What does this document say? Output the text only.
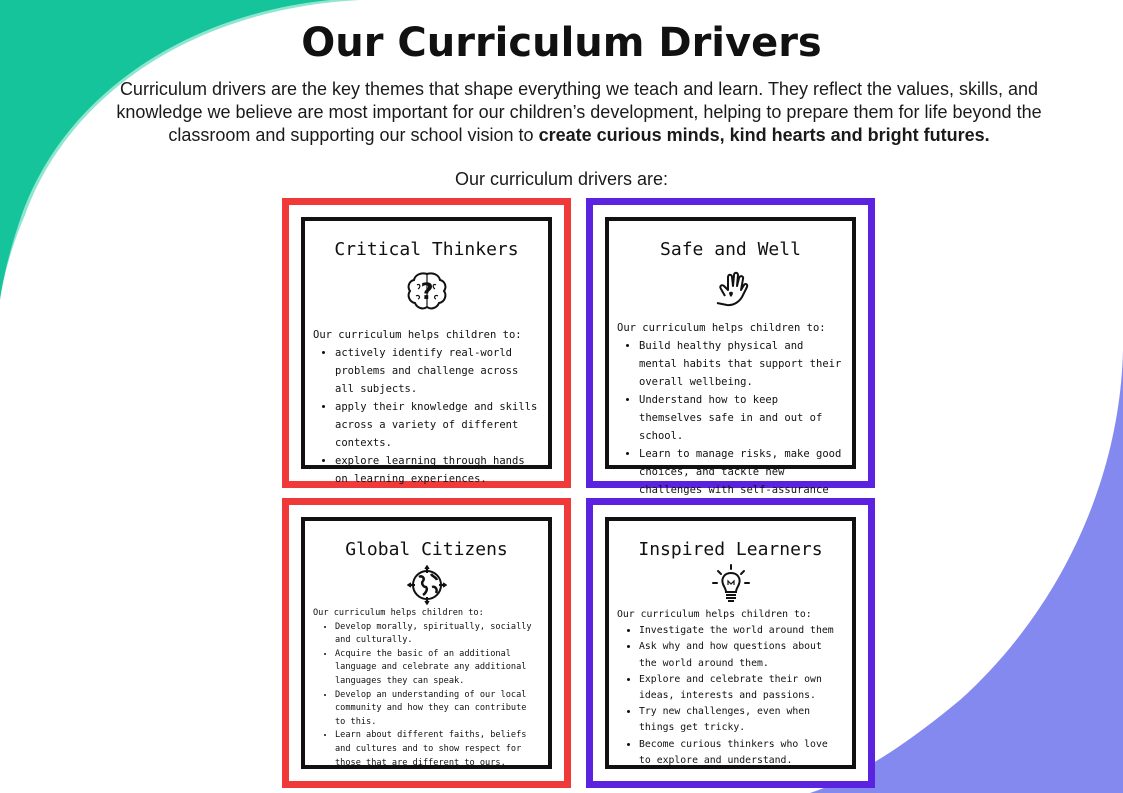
Our Curriculum Drivers
Curriculum drivers are the key themes that shape everything we teach and learn. They reflect the values, skills, and knowledge we believe are most important for our children’s development, helping to prepare them for life beyond the classroom and supporting our school vision to create curious minds, kind hearts and bright futures.
Our curriculum drivers are:
Critical Thinkers
?
Our curriculum helps children to:
• actively identify real-world problems and challenge across all subjects.
• apply their knowledge and skills across a variety of different contexts.
• explore learning through hands on learning experiences.
Safe and Well
Our curriculum helps children to:
• Build healthy physical and mental habits that support their overall wellbeing.
• Understand how to keep themselves safe in and out of school.
• Learn to manage risks, make good choices, and tackle new challenges with self-assurance
Global Citizens
Our curriculum helps children to:
• Develop morally, spiritually, socially and culturally.
• Acquire the basic of an additional language and celebrate any additional languages they can speak.
• Develop an understanding of our local community and how they can contribute to this.
• Learn about different faiths, beliefs and cultures and to show respect for those that are different to ours.
Inspired Learners
Our curriculum helps children to:
• Investigate the world around them
• Ask why and how questions about the world around them.
• Explore and celebrate their own ideas, interests and passions.
• Try new challenges, even when things get tricky.
• Become curious thinkers who love to explore and understand.
